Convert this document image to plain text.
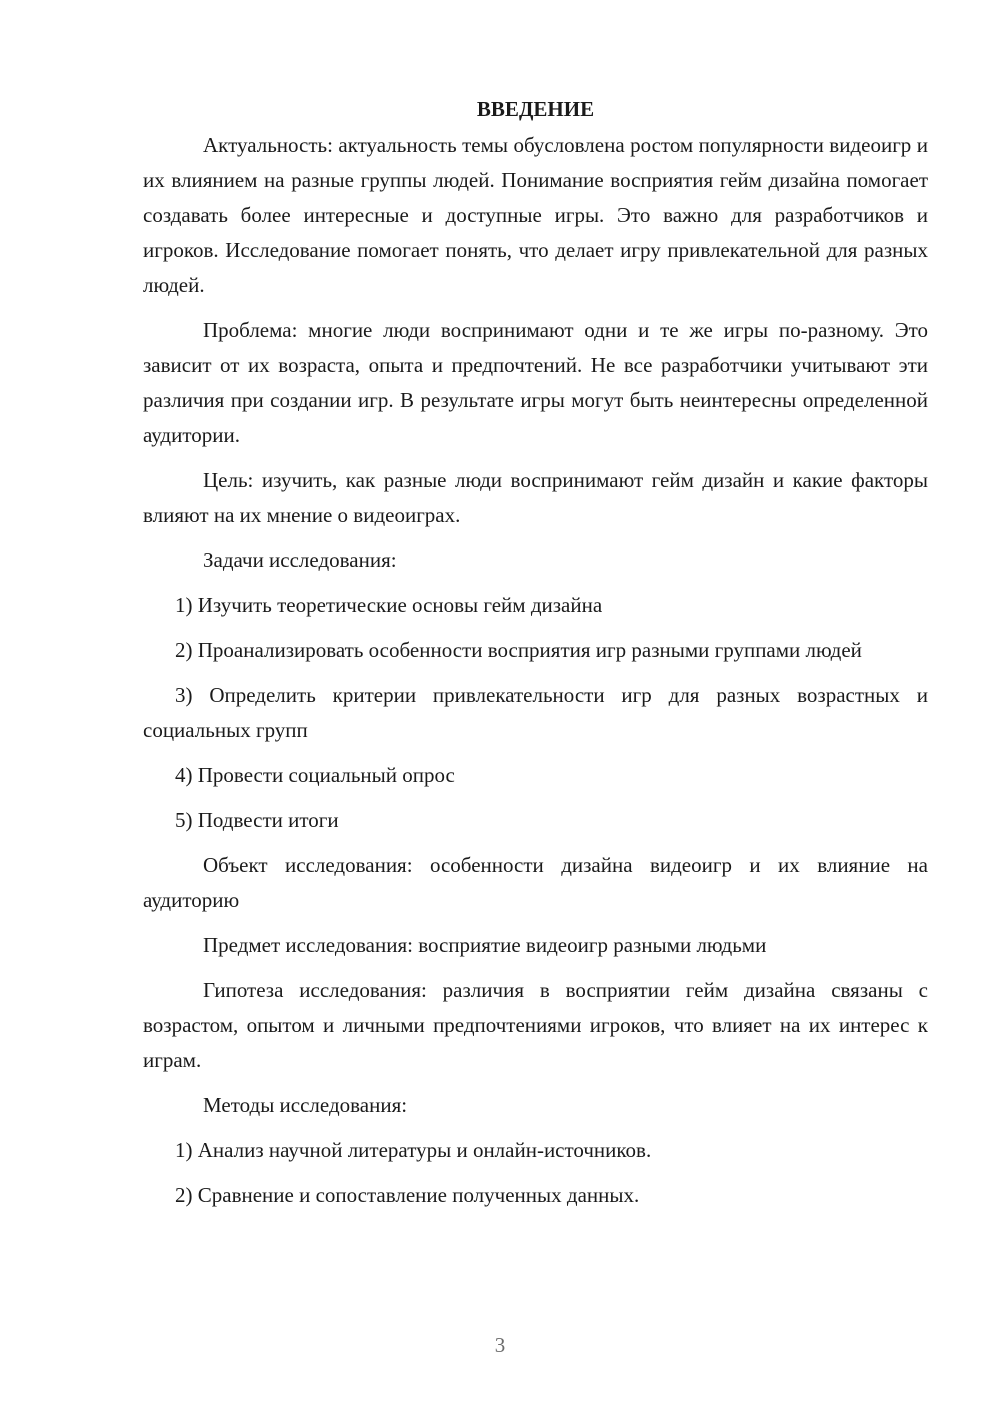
ВВЕДЕНИЕ

Актуальность: актуальность темы обусловлена ростом популярности видеоигр и их влиянием на разные группы людей. Понимание восприятия гейм дизайна помогает создавать более интересные и доступные игры. Это важно для разработчиков и игроков. Исследование помогает понять, что делает игру привлекательной для разных людей.

Проблема: многие люди воспринимают одни и те же игры по-разному. Это зависит от их возраста, опыта и предпочтений. Не все разработчики учитывают эти различия при создании игр. В результате игры могут быть неинтересны определенной аудитории.

Цель: изучить, как разные люди воспринимают гейм дизайн и какие факторы влияют на их мнение о видеоиграх.

Задачи исследования:

1) Изучить теоретические основы гейм дизайна

2) Проанализировать особенности восприятия игр разными группами людей

3) Определить критерии привлекательности игр для разных возрастных и социальных групп

4) Провести социальный опрос

5) Подвести итоги

Объект исследования: особенности дизайна видеоигр и их влияние на аудиторию

Предмет исследования: восприятие видеоигр разными людьми

Гипотеза исследования: различия в восприятии гейм дизайна связаны с возрастом, опытом и личными предпочтениями игроков, что влияет на их интерес к играм.

Методы исследования:

1) Анализ научной литературы и онлайн-источников.

2) Сравнение и сопоставление полученных данных.

3
